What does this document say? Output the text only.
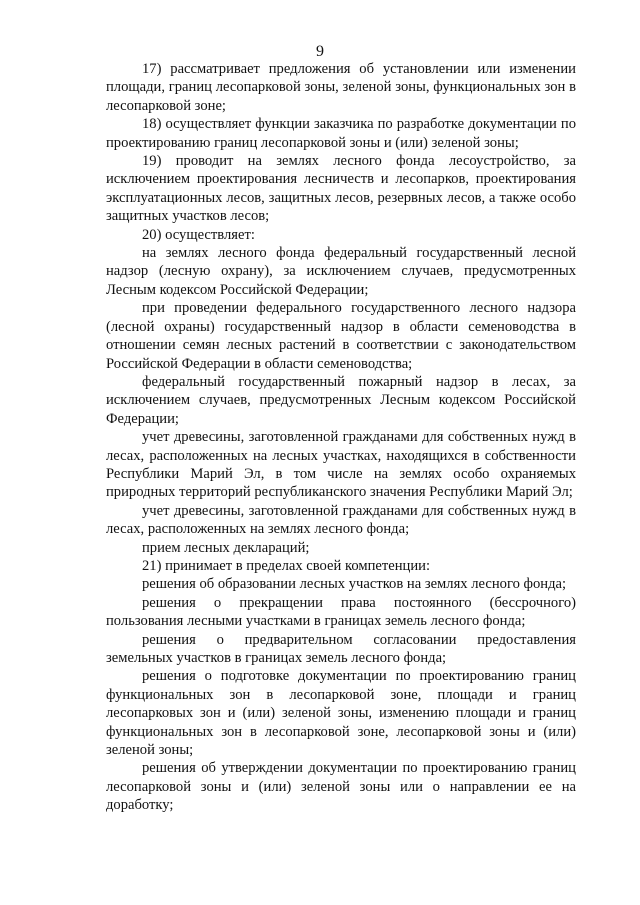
9

17) рассматривает предложения об установлении или изменении площади, границ лесопарковой зоны, зеленой зоны, функциональных зон в лесопарковой зоне;

18) осуществляет функции заказчика по разработке документации по проектированию границ лесопарковой зоны и (или) зеленой зоны;

19) проводит на землях лесного фонда лесоустройство, за исключением проектирования лесничеств и лесопарков, проектирования эксплуатационных лесов, защитных лесов, резервных лесов, а также особо защитных участков лесов;

20) осуществляет:

на землях лесного фонда федеральный государственный лесной надзор (лесную охрану), за исключением случаев, предусмотренных Лесным кодексом Российской Федерации;

при проведении федерального государственного лесного надзора (лесной охраны) государственный надзор в области семеноводства в отношении семян лесных растений в соответствии с законодательством Российской Федерации в области семеноводства;

федеральный государственный пожарный надзор в лесах, за исключением случаев, предусмотренных Лесным кодексом Российской Федерации;

учет древесины, заготовленной гражданами для собственных нужд в лесах, расположенных на лесных участках, находящихся в собственности Республики Марий Эл, в том числе на землях особо охраняемых природных территорий республиканского значения Республики Марий Эл;

учет древесины, заготовленной гражданами для собственных нужд в лесах, расположенных на землях лесного фонда;

прием лесных деклараций;

21) принимает в пределах своей компетенции:

решения об образовании лесных участков на землях лесного фонда;

решения о прекращении права постоянного (бессрочного) пользования лесными участками в границах земель лесного фонда;

решения о предварительном согласовании предоставления земельных участков в границах земель лесного фонда;

решения о подготовке документации по проектированию границ функциональных зон в лесопарковой зоне, площади и границ лесопарковых зон и (или) зеленой зоны, изменению площади и границ функциональных зон в лесопарковой зоне, лесопарковой зоны и (или) зеленой зоны;

решения об утверждении документации по проектированию границ лесопарковой зоны и (или) зеленой зоны или о направлении ее на доработку;
